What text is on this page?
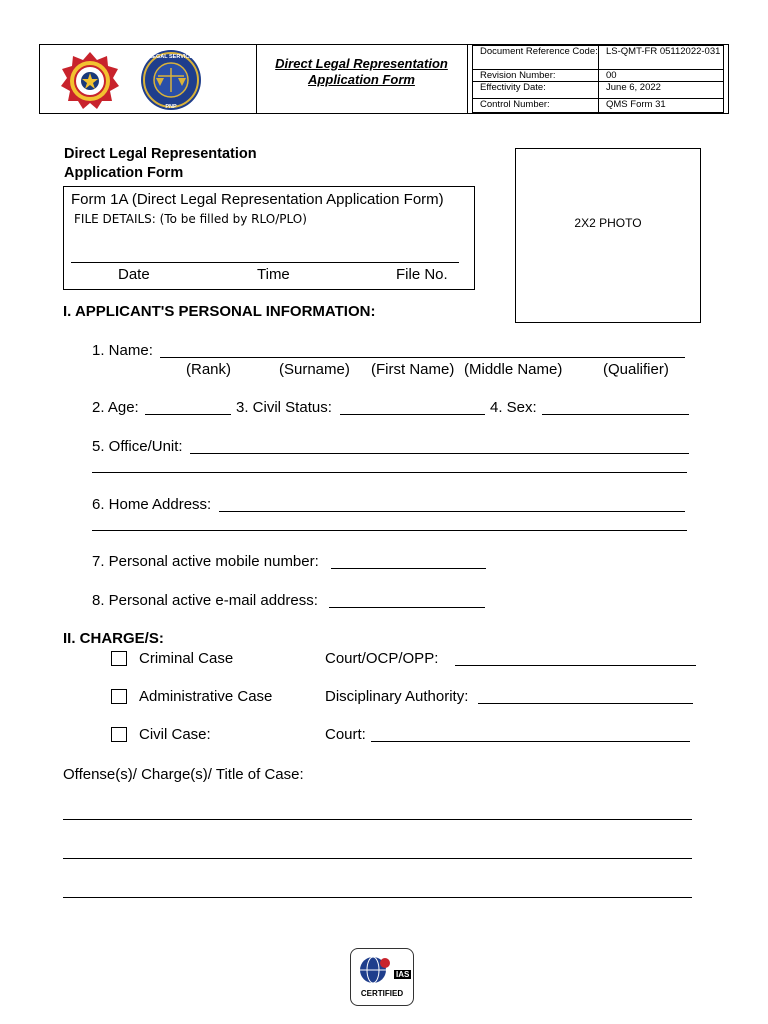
LEGAL SERVICE
PNP
Direct Legal Representation
Application Form
Document Reference Code:	LS-QMT-FR 05112022-031
Revision Number:	00
Effectivity Date:	June 6, 2022
Control Number:	QMS Form 31
Direct Legal Representation
Application Form
Form 1A (Direct Legal Representation Application Form)
FILE DETAILS: (To be filled by RLO/PLO)
Date	Time	File No.
2X2 PHOTO
I. APPLICANT'S PERSONAL INFORMATION:
1. Name:
(Rank)	(Surname) (First Name) (Middle Name)	(Qualifier)
2. Age:	3. Civil Status:	4. Sex:
5. Office/Unit:
6. Home Address:
7. Personal active mobile number:
8. Personal active e-mail address:
II. CHARGE/S:
Criminal Case	Court/OCP/OPP:
Administrative Case	Disciplinary Authority:
Civil Case:	Court:
Offense(s)/ Charge(s)/ Title of Case:
IAS
CERTIFIED
